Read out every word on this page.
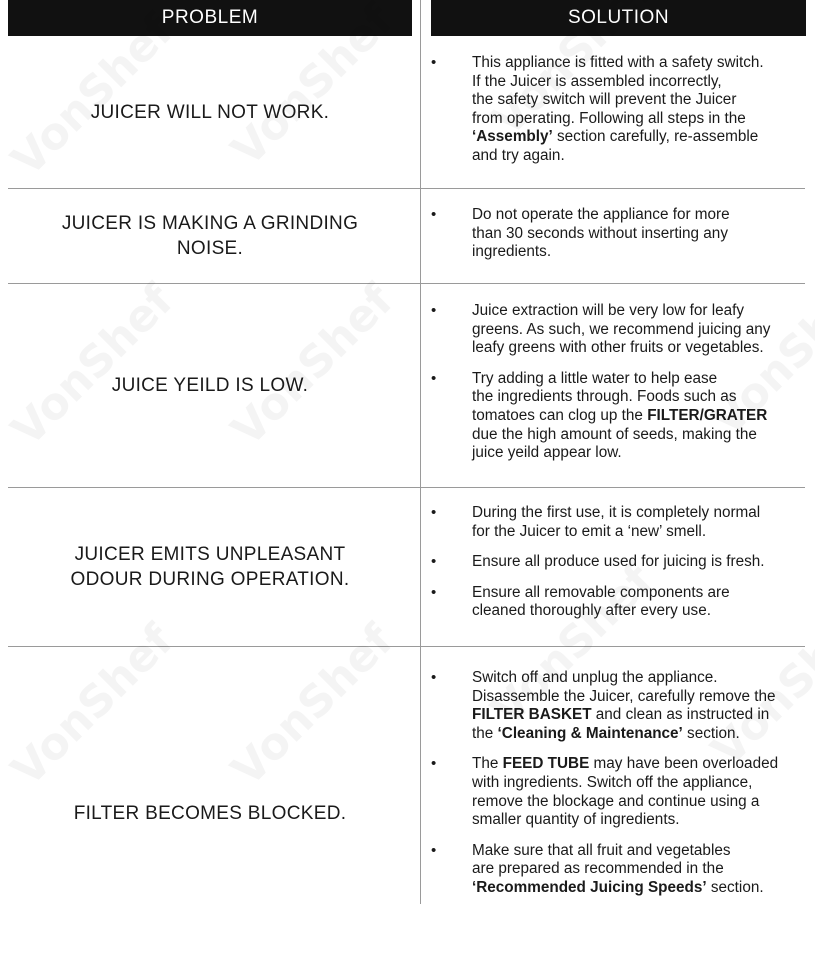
PROBLEM	SOLUTION
JUICER WILL NOT WORK.
• This appliance is fitted with a safety switch.
If the Juicer is assembled incorrectly,
the safety switch will prevent the Juicer
from operating. Following all steps in the
‘Assembly’ section carefully, re-assemble
and try again.
JUICER IS MAKING A GRINDING
NOISE.
• Do not operate the appliance for more
than 30 seconds without inserting any
ingredients.
JUICE YEILD IS LOW.
• Juice extraction will be very low for leafy
greens. As such, we recommend juicing any
leafy greens with other fruits or vegetables.
• Try adding a little water to help ease
the ingredients through. Foods such as
tomatoes can clog up the FILTER/GRATER
due the high amount of seeds, making the
juice yeild appear low.
JUICER EMITS UNPLEASANT
ODOUR DURING OPERATION.
• During the first use, it is completely normal
for the Juicer to emit a ‘new’ smell.
• Ensure all produce used for juicing is fresh.
• Ensure all removable components are
cleaned thoroughly after every use.
FILTER BECOMES BLOCKED.
• Switch off and unplug the appliance.
Disassemble the Juicer, carefully remove the
FILTER BASKET and clean as instructed in
the ‘Cleaning & Maintenance’ section.
• The FEED TUBE may have been overloaded
with ingredients. Switch off the appliance,
remove the blockage and continue using a
smaller quantity of ingredients.
• Make sure that all fruit and vegetables
are prepared as recommended in the
‘Recommended Juicing Speeds’ section.
